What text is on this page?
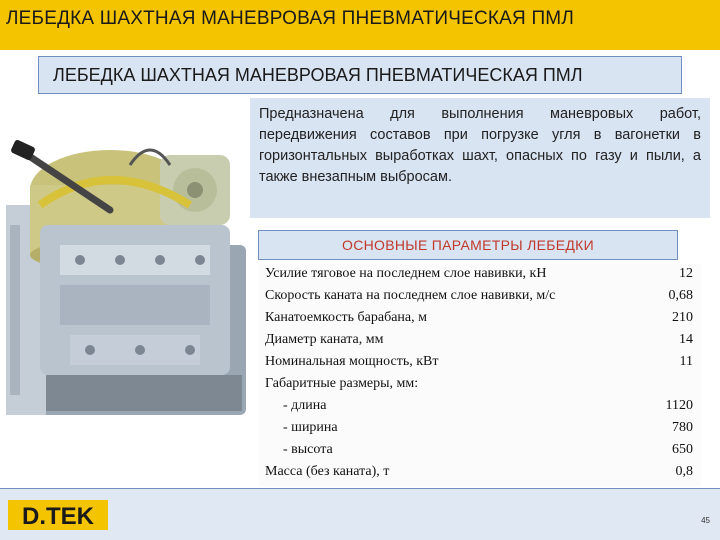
ЛЕБЕДКА ШАХТНАЯ МАНЕВРОВАЯ ПНЕВМАТИЧЕСКАЯ ПМЛ
ЛЕБЕДКА ШАХТНАЯ МАНЕВРОВАЯ ПНЕВМАТИЧЕСКАЯ ПМЛ

Предназначена для выполнения маневровых работ, передвижения составов при погрузке угля в вагонетки в горизонтальных выработках шахт, опасных по газу и пыли, а также внезапным выбросам.

ОСНОВНЫЕ ПАРАМЕТРЫ ЛЕБЕДКИ
Усилие тяговое на последнем слое навивки, кН	12
Скорость каната на последнем слое навивки, м/с	0,68
Канатоемкость барабана, м	210
Диаметр каната, мм	14
Номинальная мощность, кВт	11
Габаритные размеры, мм:
- длина	1120
- ширина	780
- высота	650
Масса (без каната), т	0,8
D.TEK	45
